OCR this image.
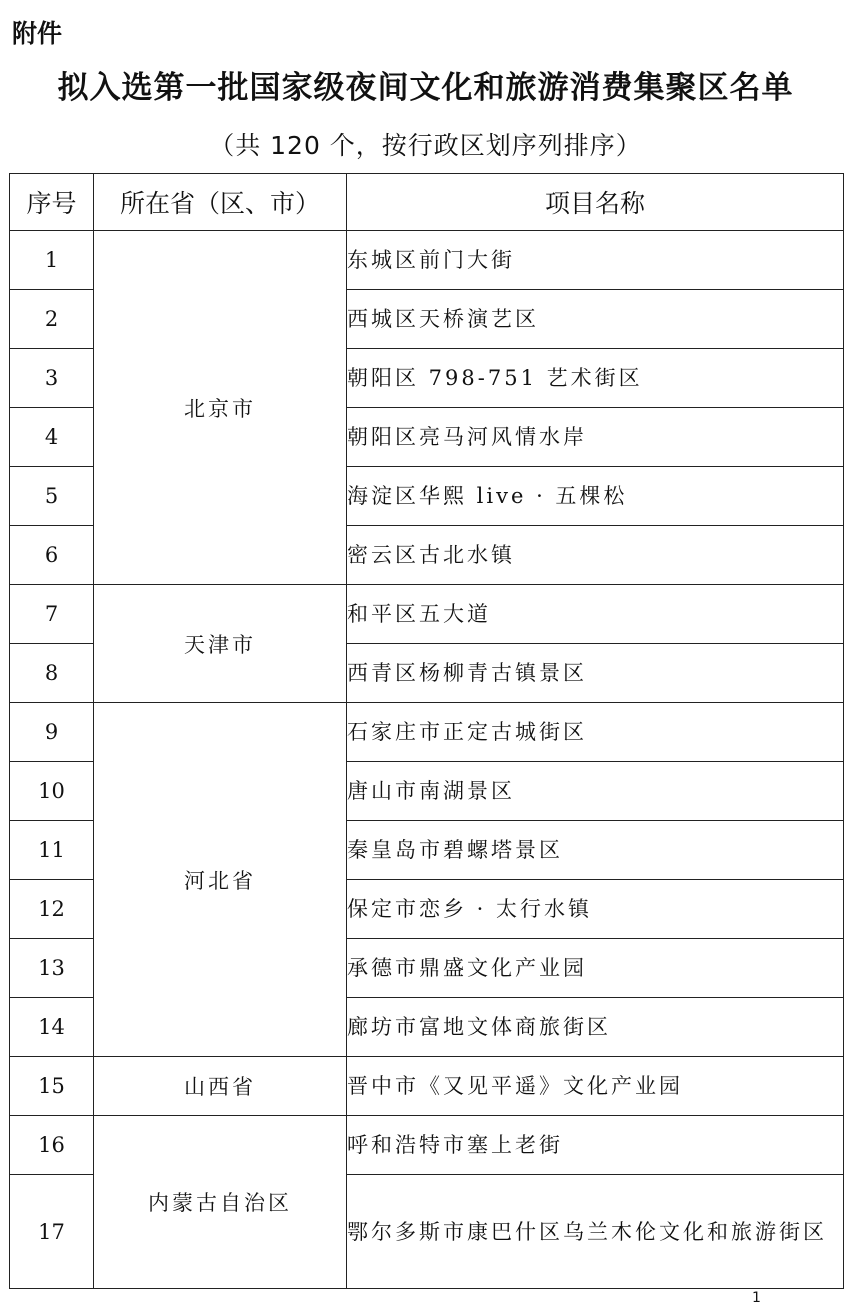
附件
拟入选第一批国家级夜间文化和旅游消费集聚区名单
（共 120 个，按行政区划序列排序）
序号	所在省（区、市）	项目名称
1	北京市	东城区前门大街
2		西城区天桥演艺区
3		朝阳区 798-751 艺术街区
4		朝阳区亮马河风情水岸
5		海淀区华熙 live · 五棵松
6		密云区古北水镇
7	天津市	和平区五大道
8		西青区杨柳青古镇景区
9	河北省	石家庄市正定古城街区
10		唐山市南湖景区
11		秦皇岛市碧螺塔景区
12		保定市恋乡 · 太行水镇
13		承德市鼎盛文化产业园
14		廊坊市富地文体商旅街区
15	山西省	晋中市《又见平遥》文化产业园
16	内蒙古自治区	呼和浩特市塞上老街
17		鄂尔多斯市康巴什区乌兰木伦文化和旅游街区
1
